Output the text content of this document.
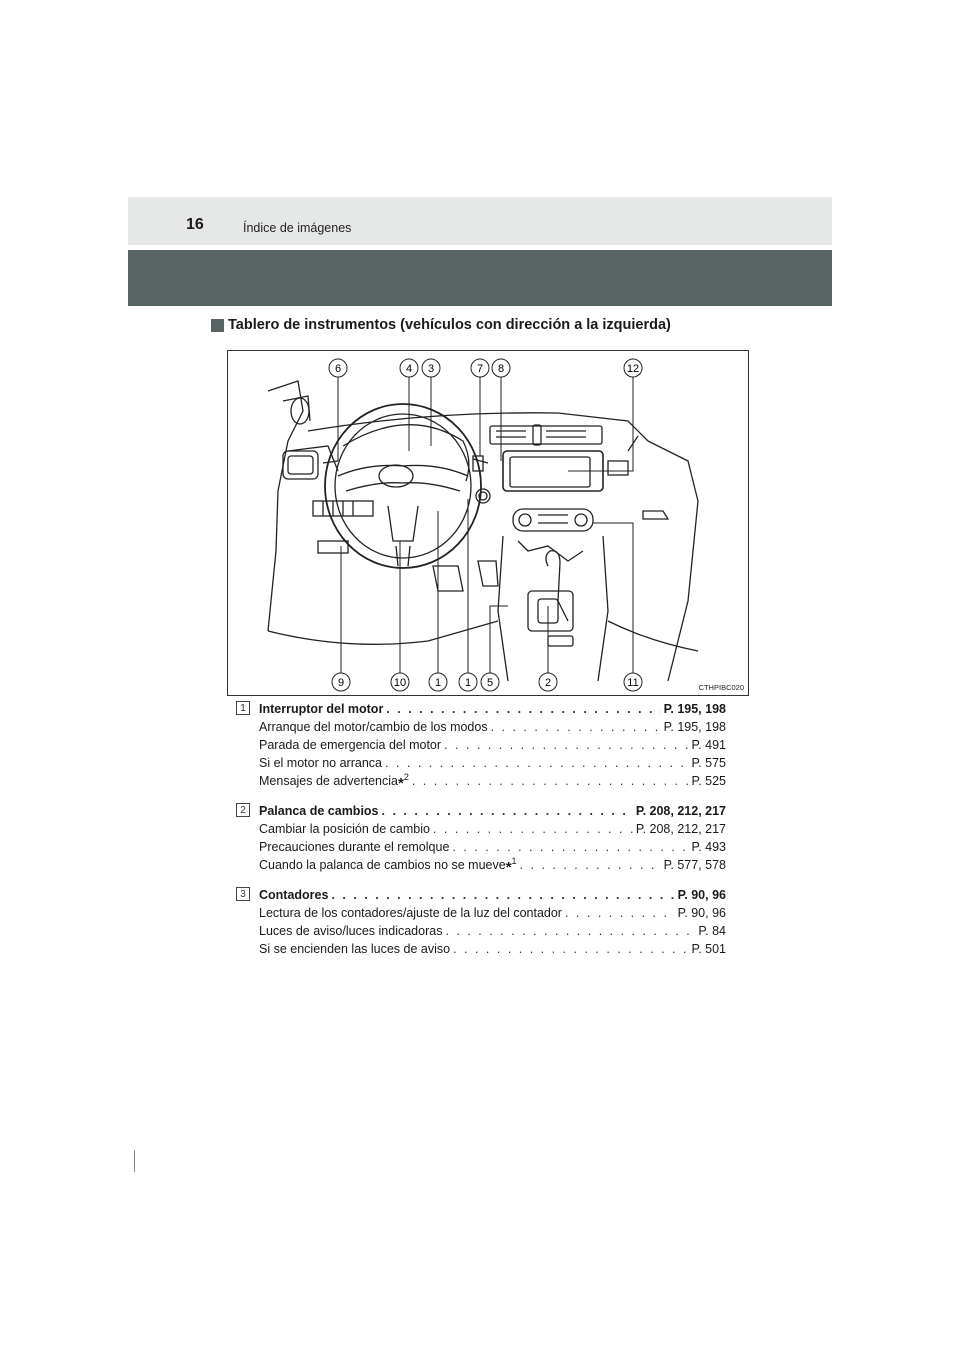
16	Índice de imágenes
Tablero de instrumentos (vehículos con dirección a la izquierda)
6	4 3	7 8	12
9	10	1 1 5	2	11	CTHPIBC020
1	Interruptor del motor . . .	P. 195, 198
Arranque del motor/cambio de los modos . . .	P. 195, 198
Parada de emergencia del motor . . .	P. 491
Si el motor no arranca . . .	P. 575
Mensajes de advertencia*$^2$ . . .	P. 525
2	Palanca de cambios . . .	P. 208, 212, 217
Cambiar la posición de cambio . . .	P. 208, 212, 217
Precauciones durante el remolque . . .	P. 493
Cuando la palanca de cambios no se mueve*$^1$ . . .	P. 577, 578
3	Contadores . . .	P. 90, 96
Lectura de los contadores/ajuste de la luz del contador . . .	P. 90, 96
Luces de aviso/luces indicadoras . . .	P. 84
Si se encienden las luces de aviso . . .	P. 501
